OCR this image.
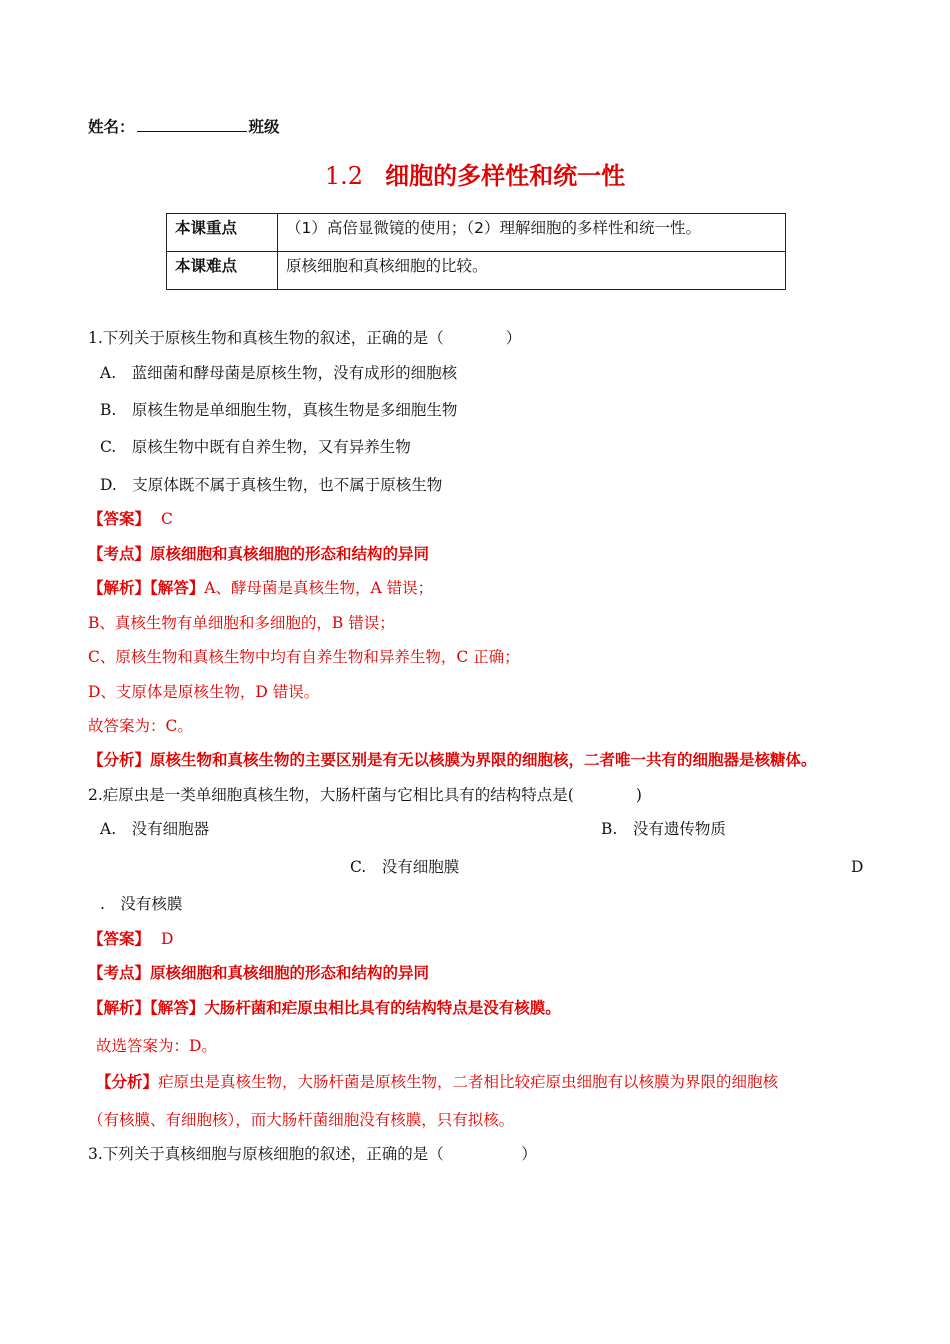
姓名：	班级
1.2 细胞的多样性和统一性
本课重点	（1）高倍显微镜的使用；（2）理解细胞的多样性和统一性。
本课难点	原核细胞和真核细胞的比较。
1.下列关于原核生物和真核生物的叙述，正确的是（　　　　）
A.　蓝细菌和酵母菌是原核生物，没有成形的细胞核
B.　原核生物是单细胞生物，真核生物是多细胞生物
C.　原核生物中既有自养生物，又有异养生物
D.　支原体既不属于真核生物，也不属于原核生物
【答案】 C
【考点】原核细胞和真核细胞的形态和结构的异同
【解析】【解答】A、酵母菌是真核生物，A 错误；
B、真核生物有单细胞和多细胞的，B 错误；
C、原核生物和真核生物中均有自养生物和异养生物，C 正确；
D、支原体是原核生物，D 错误。
故答案为：C。
【分析】原核生物和真核生物的主要区别是有无以核膜为界限的细胞核，二者唯一共有的细胞器是核糖体。
2.疟原虫是一类单细胞真核生物，大肠杆菌与它相比具有的结构特点是(　　　　)
A.　没有细胞器	B.　没有遗传物质
C.　没有细胞膜	D
.　没有核膜
【答案】 D
【考点】原核细胞和真核细胞的形态和结构的异同
【解析】【解答】大肠杆菌和疟原虫相比具有的结构特点是没有核膜。
故选答案为：D。
【分析】疟原虫是真核生物，大肠杆菌是原核生物，二者相比较疟原虫细胞有以核膜为界限的细胞核
（有核膜、有细胞核），而大肠杆菌细胞没有核膜，只有拟核。
3.下列关于真核细胞与原核细胞的叙述，正确的是（　　　　　）
